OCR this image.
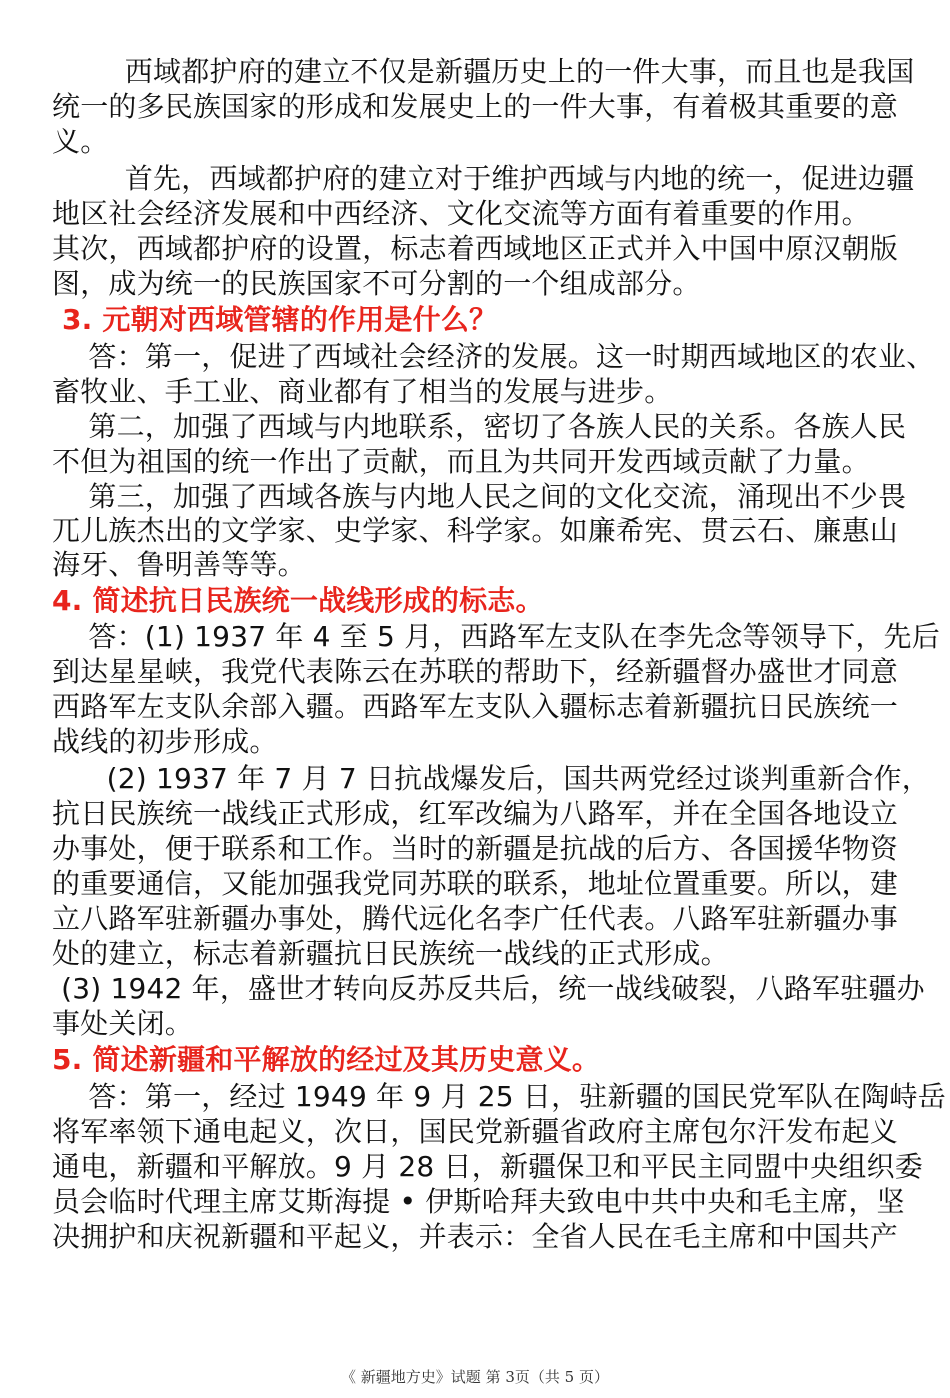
西域都护府的建立不仅是新疆历史上的一件大事，而且也是我国
统一的多民族国家的形成和发展史上的一件大事，有着极其重要的意
义。
首先，西域都护府的建立对于维护西域与内地的统一，促进边疆
地区社会经济发展和中西经济、文化交流等方面有着重要的作用。
其次，西域都护府的设置，标志着西域地区正式并入中国中原汉朝版
图，成为统一的民族国家不可分割的一个组成部分。
3. 元朝对西域管辖的作用是什么？
答：第一，促进了西域社会经济的发展。这一时期西域地区的农业、
畜牧业、手工业、商业都有了相当的发展与进步。
第二，加强了西域与内地联系，密切了各族人民的关系。各族人民
不但为祖国的统一作出了贡献，而且为共同开发西域贡献了力量。
第三，加强了西域各族与内地人民之间的文化交流，涌现出不少畏
兀儿族杰出的文学家、史学家、科学家。如廉希宪、贯云石、廉惠山
海牙、鲁明善等等。
4. 简述抗日民族统一战线形成的标志。
答：(1) 1937 年 4 至 5 月，西路军左支队在李先念等领导下，先后
到达星星峡，我党代表陈云在苏联的帮助下，经新疆督办盛世才同意
西路军左支队余部入疆。西路军左支队入疆标志着新疆抗日民族统一
战线的初步形成。
(2) 1937 年 7 月 7 日抗战爆发后，国共两党经过谈判重新合作，
抗日民族统一战线正式形成，红军改编为八路军，并在全国各地设立
办事处，便于联系和工作。当时的新疆是抗战的后方、各国援华物资
的重要通信，又能加强我党同苏联的联系，地址位置重要。所以，建
立八路军驻新疆办事处，腾代远化名李广任代表。八路军驻新疆办事
处的建立，标志着新疆抗日民族统一战线的正式形成。
(3) 1942 年，盛世才转向反苏反共后，统一战线破裂，八路军驻疆办
事处关闭。
5. 简述新疆和平解放的经过及其历史意义。
答：第一，经过 1949 年 9 月 25 日，驻新疆的国民党军队在陶峙岳
将军率领下通电起义，次日，国民党新疆省政府主席包尔汗发布起义
通电，新疆和平解放。9 月 28 日，新疆保卫和平民主同盟中央组织委
员会临时代理主席艾斯海提 • 伊斯哈拜夫致电中共中央和毛主席，坚
决拥护和庆祝新疆和平起义，并表示：全省人民在毛主席和中国共产
《 新疆地方史》试题 第 3页（共 5 页）
